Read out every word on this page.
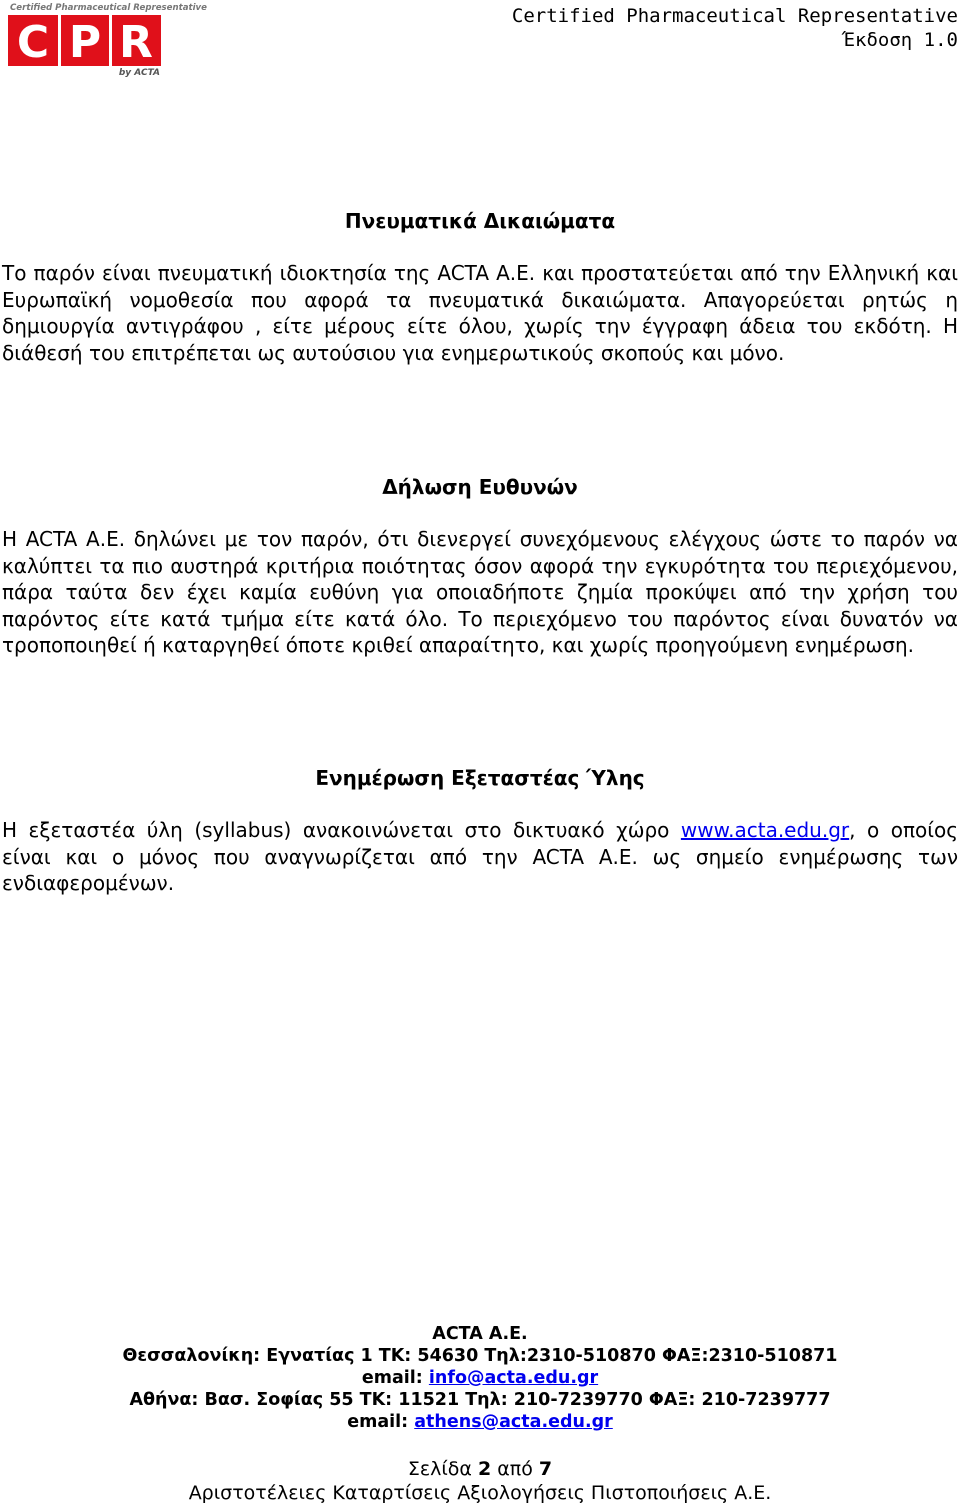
Certified Pharmaceutical Representative
C P R
by ACTA
Certified Pharmaceutical Representative
Έκδοση 1.0
Πνευματικά Δικαιώματα
Το παρόν είναι πνευματική ιδιοκτησία της ACTA Α.Ε. και προστατεύεται από την Ελληνική και Ευρωπαϊκή νομοθεσία που αφορά τα πνευματικά δικαιώματα. Απαγορεύεται ρητώς η δημιουργία αντιγράφου , είτε μέρους είτε όλου, χωρίς την έγγραφη άδεια του εκδότη. Η διάθεσή του επιτρέπεται ως αυτούσιου για ενημερωτικούς σκοπούς και μόνο.
Δήλωση Ευθυνών
Η ACTA Α.Ε. δηλώνει με τον παρόν, ότι διενεργεί συνεχόμενους ελέγχους ώστε το παρόν να καλύπτει τα πιο αυστηρά κριτήρια ποιότητας όσον αφορά την εγκυρότητα του περιεχόμενου, πάρα ταύτα δεν έχει καμία ευθύνη για οποιαδήποτε ζημία προκύψει από την χρήση του παρόντος είτε κατά τμήμα είτε κατά όλο. Το περιεχόμενο του παρόντος είναι δυνατόν να τροποποιηθεί ή καταργηθεί όποτε κριθεί απαραίτητο, και χωρίς προηγούμενη ενημέρωση.
Ενημέρωση Εξεταστέας Ύλης
Η εξεταστέα ύλη (syllabus) ανακοινώνεται στο δικτυακό χώρο www.acta.edu.gr, ο οποίος είναι και ο μόνος που αναγνωρίζεται από την ACTA Α.Ε. ως σημείο ενημέρωσης των ενδιαφερομένων.
ACTA Α.Ε.
Θεσσαλονίκη: Εγνατίας 1 ΤΚ: 54630 Τηλ:2310-510870 ΦΑΞ:2310-510871
email: info@acta.edu.gr
Αθήνα: Βασ. Σοφίας 55 ΤΚ: 11521 Τηλ: 210-7239770 ΦΑΞ: 210-7239777
email: athens@acta.edu.gr
Σελίδα 2 από 7
Αριστοτέλειες Καταρτίσεις Αξιολογήσεις Πιστοποιήσεις Α.Ε.
